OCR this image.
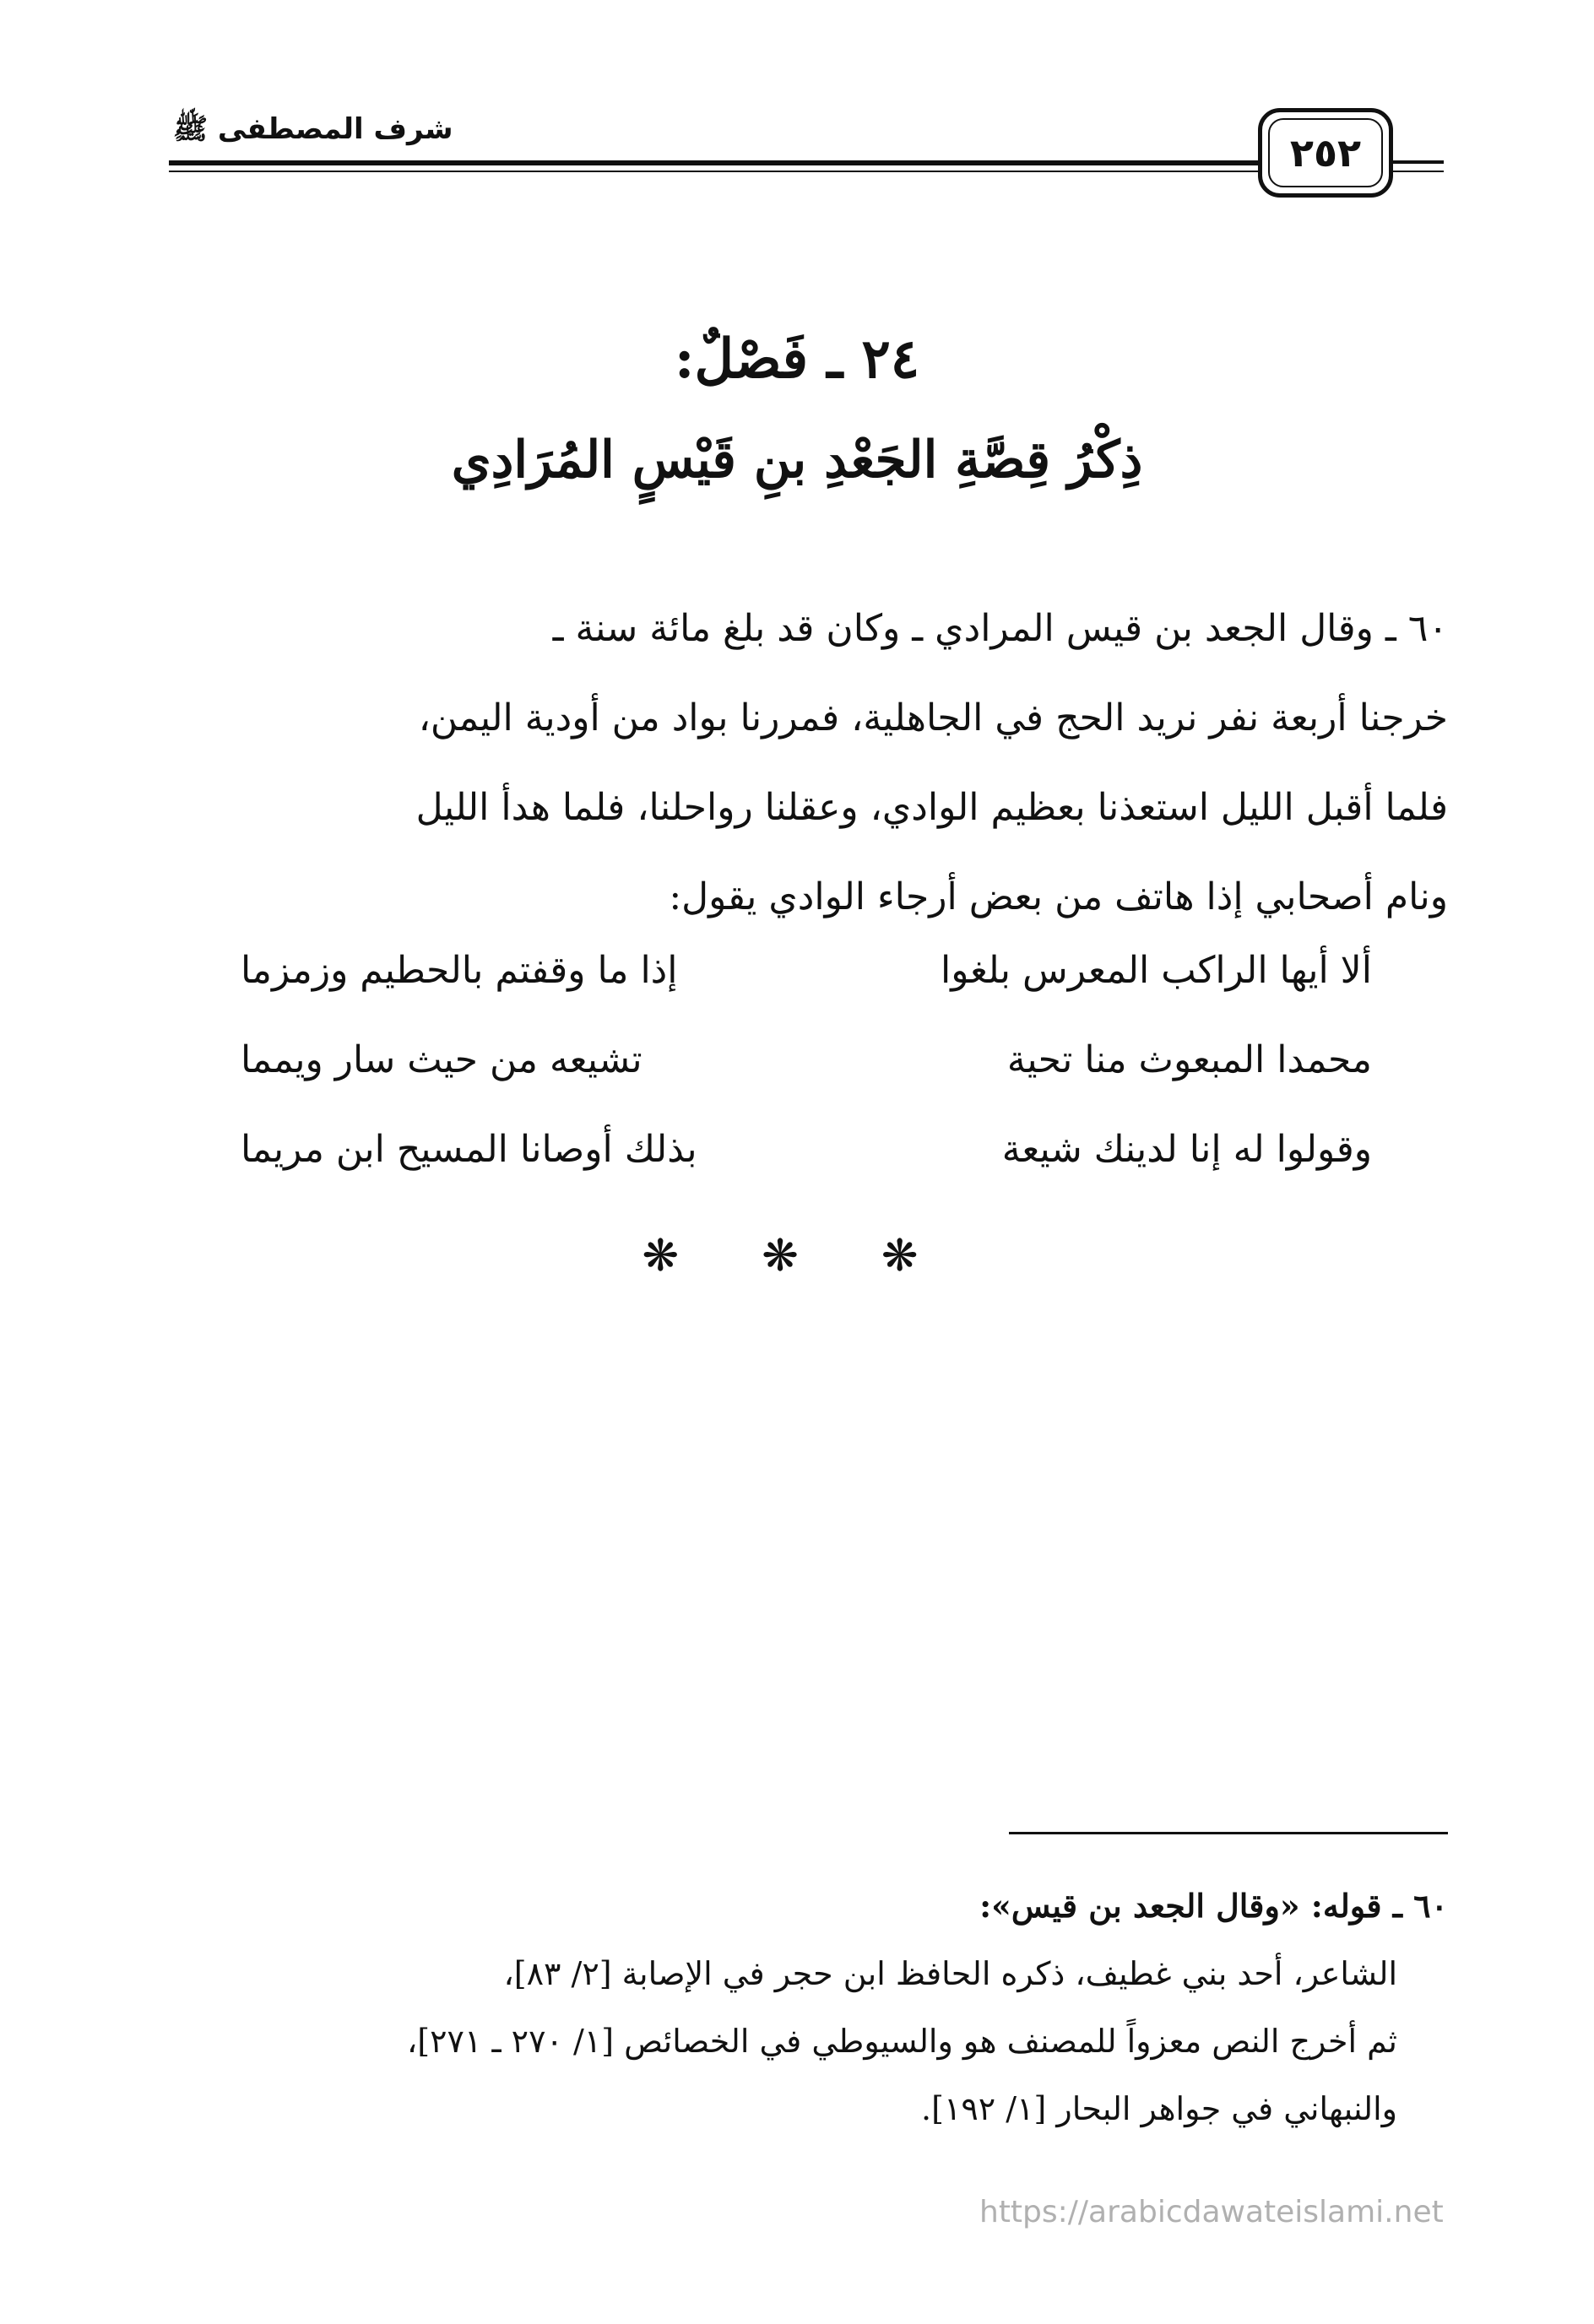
شرف المصطفى ﷺ
٢٥٢
٢٤ ـ فَصْلٌ:
ذِكْرُ قِصَّةِ الجَعْدِ بنِ قَيْسٍ المُرَادِي

٦٠ ـ وقال الجعد بن قيس المرادي ـ وكان قد بلغ مائة سنة ـ

خرجنا أربعة نفر نريد الحج في الجاهلية، فمررنا بواد من أودية اليمن،

فلما أقبل الليل استعذنا بعظيم الوادي، وعقلنا رواحلنا، فلما هدأ الليل

ونام أصحابي إذا هاتف من بعض أرجاء الوادي يقول:

ألا أيها الراكب المعرس بلغوا
إذا ما وقفتم بالحطيم وزمزما
محمدا المبعوث منا تحية
تشيعه من حيث سار ويمما
وقولوا له إنا لدينك شيعة
بذلك أوصانا المسيح ابن مريما
❋ ❋ ❋

٦٠ ـ قوله: «وقال الجعد بن قيس»:

الشاعر، أحد بني غطيف، ذكره الحافظ ابن حجر في الإصابة [٢/ ٨٣]،

ثم أخرج النص معزواً للمصنف هو والسيوطي في الخصائص [١/ ٢٧٠ ـ ٢٧١]،

والنبهاني في جواهر البحار [١/ ١٩٢].

https://arabicdawateislami.net
